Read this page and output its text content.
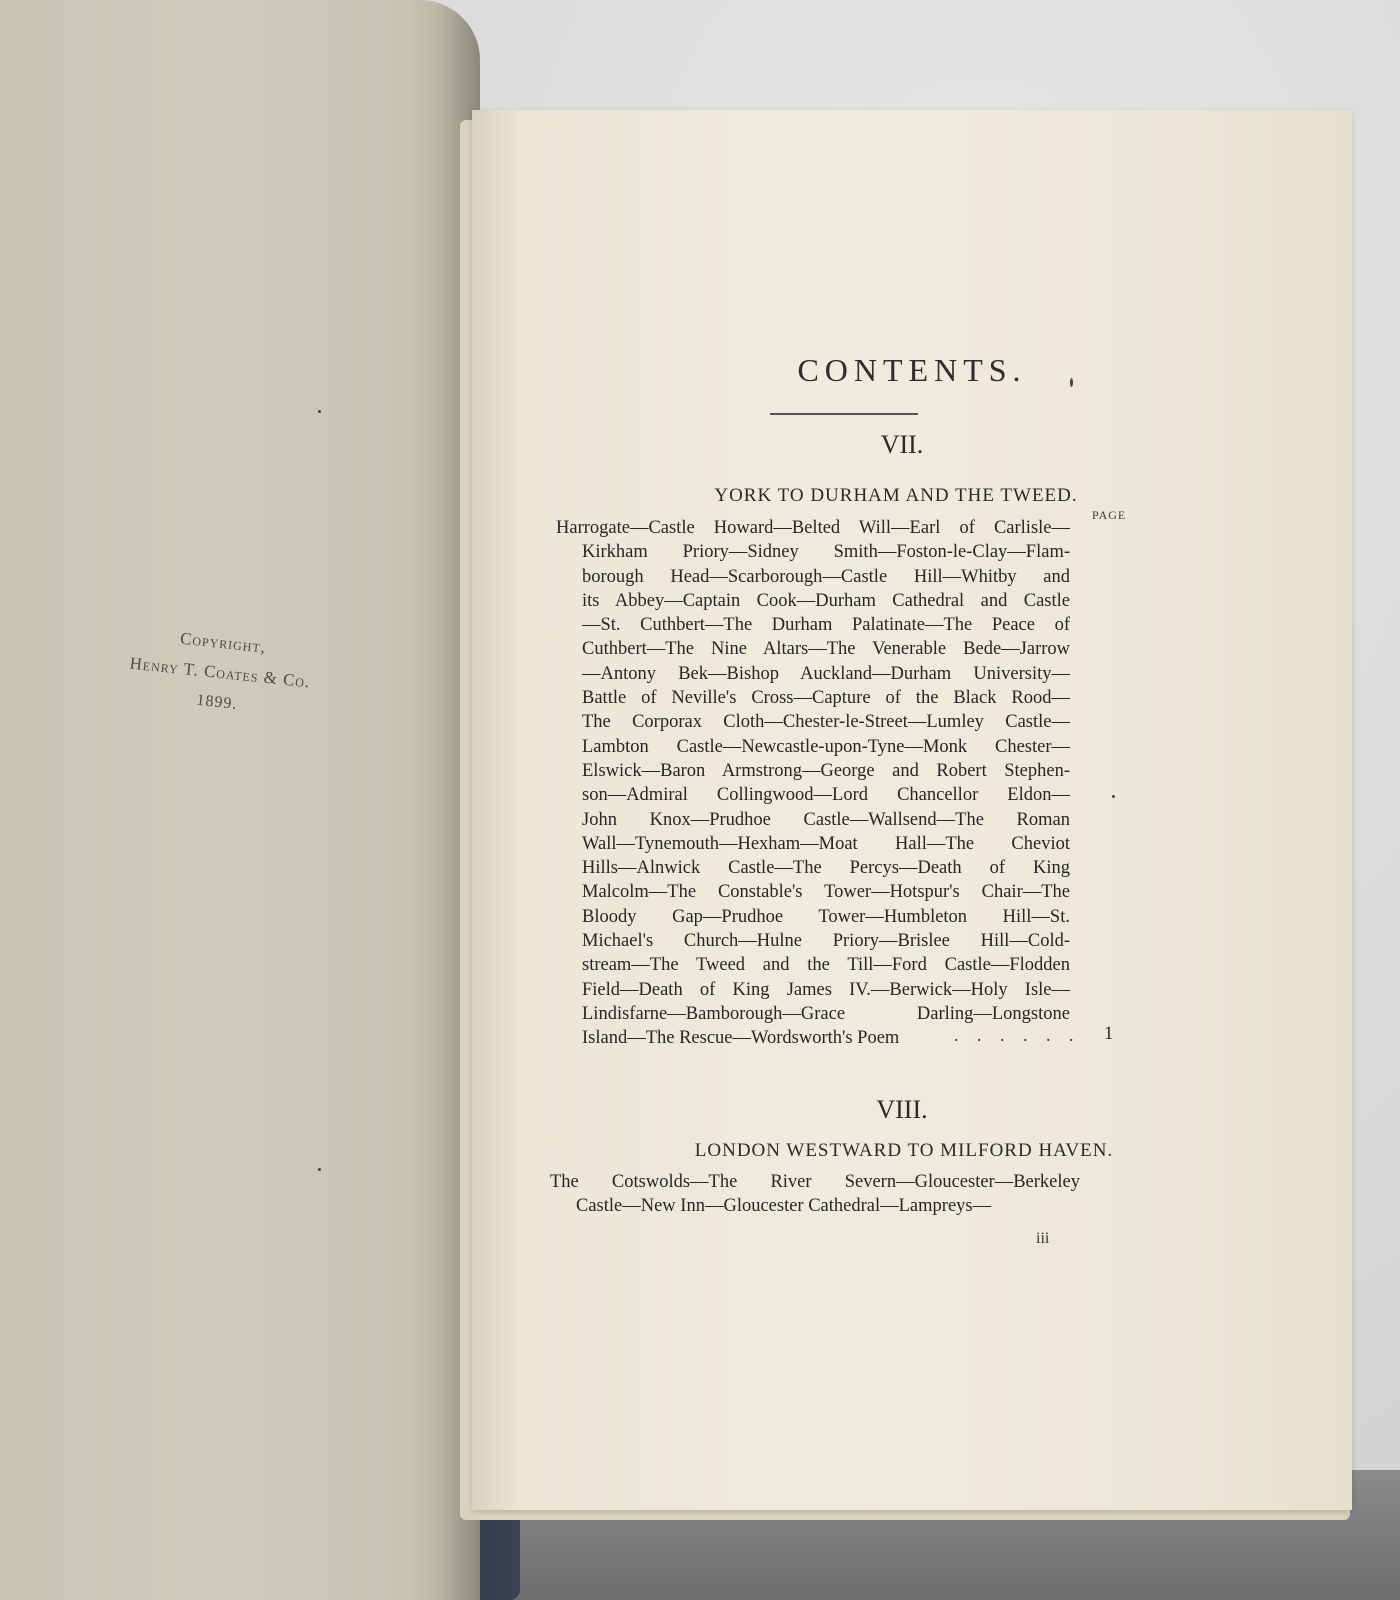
Copyright,
Henry T. Coates & Co.
1899.
CONTENTS.
VII.
YORK TO DURHAM AND THE TWEED.
PAGE
Harrogate—Castle Howard—Belted Will—Earl of Carlisle—
Kirkham Priory—Sidney Smith—Foston-le-Clay—Flam-
borough Head—Scarborough—Castle Hill—Whitby and
its Abbey—Captain Cook—Durham Cathedral and Castle
—St. Cuthbert—The Durham Palatinate—The Peace of
Cuthbert—The Nine Altars—The Venerable Bede—Jarrow
—Antony Bek—Bishop Auckland—Durham University—
Battle of Neville's Cross—Capture of the Black Rood—
The Corporax Cloth—Chester-le-Street—Lumley Castle—
Lambton Castle—Newcastle-upon-Tyne—Monk Chester—
Elswick—Baron Armstrong—George and Robert Stephen-
son—Admiral Collingwood—Lord Chancellor Eldon—
John Knox—Prudhoe Castle—Wallsend—The Roman
Wall—Tynemouth—Hexham—Moat Hall—The Cheviot
Hills—Alnwick Castle—The Percys—Death of King
Malcolm—The Constable's Tower—Hotspur's Chair—The
Bloody Gap—Prudhoe Tower—Humbleton Hill—St.
Michael's Church—Hulne Priory—Brislee Hill—Cold-
stream—The Tweed and the Till—Ford Castle—Flodden
Field—Death of King James IV.—Berwick—Holy Isle—
Lindisfarne—Bamborough—Grace Darling—Longstone
Island—The Rescue—Wordsworth's Poem	. . . . . . 1
VIII.
LONDON WESTWARD TO MILFORD HAVEN.
The Cotswolds—The River Severn—Gloucester—Berkeley
Castle—New Inn—Gloucester Cathedral—Lampreys—
iii
